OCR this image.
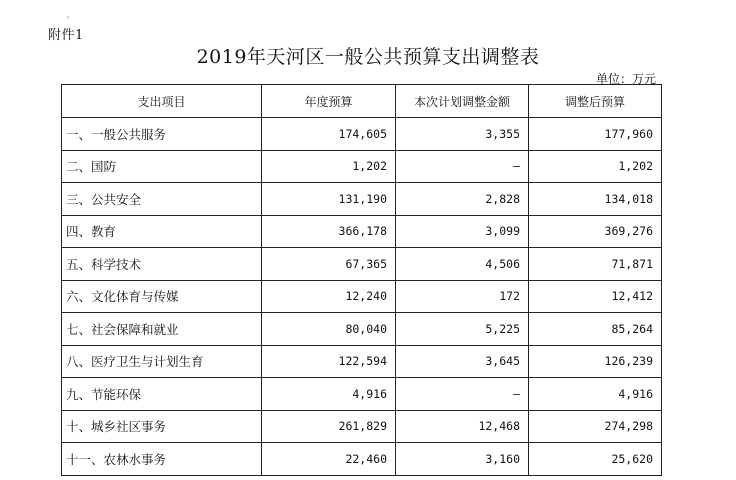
‵
附件1
2019年天河区一般公共预算支出调整表
单位：万元
支出项目	年度预算	本次计划调整金额	调整后预算
一、一般公共服务	174,605	3,355	177,960
二、国防	1,202	–	1,202
三、公共安全	131,190	2,828	134,018
四、教育	366,178	3,099	369,276
五、科学技术	67,365	4,506	71,871
六、文化体育与传媒	12,240	172	12,412
七、社会保障和就业	80,040	5,225	85,264
八、医疗卫生与计划生育	122,594	3,645	126,239
九、节能环保	4,916	–	4,916
十、城乡社区事务	261,829	12,468	274,298
十一、农林水事务	22,460	3,160	25,620
